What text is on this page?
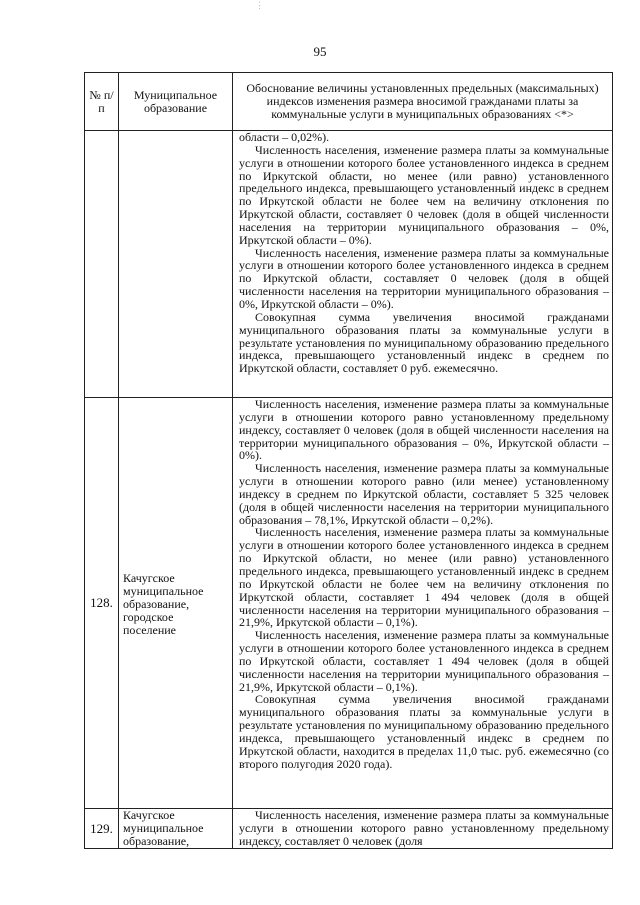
⋮
95
№ п/п	Муниципальное образование	Обоснование величины установленных предельных (максимальных) индексов изменения размера вносимой гражданами платы за коммунальные услуги в муниципальных образованиях <*>

		области – 0,02%).

Численность населения, изменение размера платы за коммунальные услуги в отношении которого более установленного индекса в среднем по Иркутской области, но менее (или равно) установленного предельного индекса, превышающего установленный индекс в среднем по Иркутской области не более чем на величину отклонения по Иркутской области, составляет 0 человек (доля в общей численности населения на территории муниципального образования – 0%, Иркутской области – 0%).

Численность населения, изменение размера платы за коммунальные услуги в отношении которого более установленного индекса в среднем по Иркутской области, составляет 0 человек (доля в общей численности населения на территории муниципального образования – 0%, Иркутской области – 0%).

Совокупная сумма увеличения вносимой гражданами муниципального образования платы за коммунальные услуги в результате установления по муниципальному образованию предельного индекса, превышающего установленный индекс в среднем по Иркутской области, составляет 0 руб. ежемесячно.

128.	Качугское муниципальное образование, городское поселение	Численность населения, изменение размера платы за коммунальные услуги в отношении которого равно установленному предельному индексу, составляет 0 человек (доля в общей численности населения на территории муниципального образования – 0%, Иркутской области – 0%).

Численность населения, изменение размера платы за коммунальные услуги в отношении которого равно (или менее) установленному индексу в среднем по Иркутской области, составляет 5 325 человек (доля в общей численности населения на территории муниципального образования – 78,1%, Иркутской области – 0,2%).

Численность населения, изменение размера платы за коммунальные услуги в отношении которого более установленного индекса в среднем по Иркутской области, но менее (или равно) установленного предельного индекса, превышающего установленный индекс в среднем по Иркутской области не более чем на величину отклонения по Иркутской области, составляет 1 494 человек (доля в общей численности населения на территории муниципального образования – 21,9%, Иркутской области – 0,1%).

Численность населения, изменение размера платы за коммунальные услуги в отношении которого более установленного индекса в среднем по Иркутской области, составляет 1 494 человек (доля в общей численности населения на территории муниципального образования – 21,9%, Иркутской области – 0,1%).

Совокупная сумма увеличения вносимой гражданами муниципального образования платы за коммунальные услуги в результате установления по муниципальному образованию предельного индекса, превышающего установленный индекс в среднем по Иркутской области, находится в пределах 11,0 тыс. руб. ежемесячно (со второго полугодия 2020 года).

129.	Качугское муниципальное образование,	Численность населения, изменение размера платы за коммунальные услуги в отношении которого равно установленному предельному индексу, составляет 0 человек (доля
